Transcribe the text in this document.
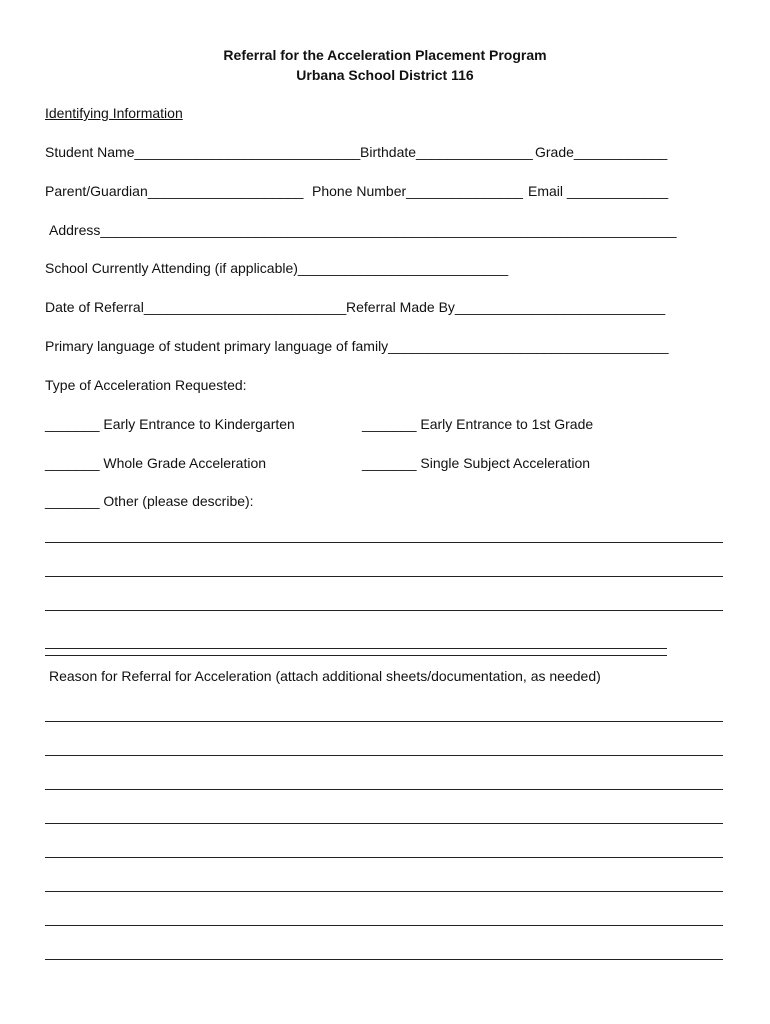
Referral for the Acceleration Placement Program
Urbana School District 116
Identifying Information
Student Name_____________________________ Birthdate_______________ Grade____________
Parent/Guardian____________________ Phone Number_______________ Email _____________
Address__________________________________________________________________________
School Currently Attending (if applicable)___________________________
Date of Referral__________________________ Referral Made By___________________________
Primary language of student primary language of family____________________________________
Type of Acceleration Requested:
_______ Early Entrance to Kindergarten	_______ Early Entrance to 1st Grade
_______ Whole Grade Acceleration	_______ Single Subject Acceleration
_______ Other (please describe):
Reason for Referral for Acceleration (attach additional sheets/documentation, as needed)
